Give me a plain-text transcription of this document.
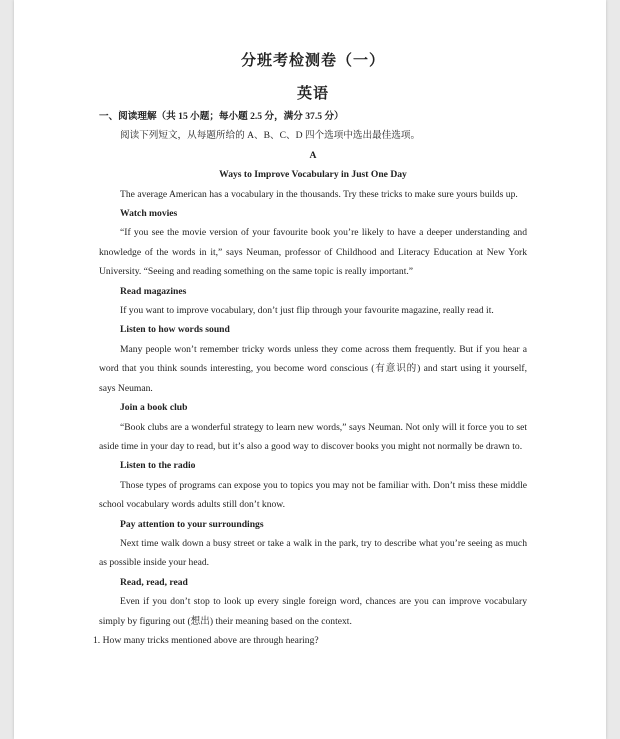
分班考检测卷（一）
英语

一、阅读理解（共 15 小题；每小题 2.5 分，满分 37.5 分）

阅读下列短文，从每题所给的 A、B、C、D 四个选项中选出最佳选项。

A

Ways to Improve Vocabulary in Just One Day

The average American has a vocabulary in the thousands. Try these tricks to make sure yours builds up.

Watch movies

“If you see the movie version of your favourite book you’re likely to have a deeper understanding and knowledge of the words in it,” says Neuman, professor of Childhood and Literacy Education at New York University. “Seeing and reading something on the same topic is really important.”

Read magazines

If you want to improve vocabulary, don’t just flip through your favourite magazine, really read it.

Listen to how words sound

Many people won’t remember tricky words unless they come across them frequently. But if you hear a word that you think sounds interesting, you become word conscious (有意识的) and start using it yourself, says Neuman.

Join a book club

“Book clubs are a wonderful strategy to learn new words,” says Neuman. Not only will it force you to set aside time in your day to read, but it’s also a good way to discover books you might not normally be drawn to.

Listen to the radio

Those types of programs can expose you to topics you may not be familiar with. Don’t miss these middle school vocabulary words adults still don’t know.

Pay attention to your surroundings

Next time walk down a busy street or take a walk in the park, try to describe what you’re seeing as much as possible inside your head.

Read, read, read

Even if you don’t stop to look up every single foreign word, chances are you can improve vocabulary simply by figuring out (想出) their meaning based on the context.

1. How many tricks mentioned above are through hearing?
